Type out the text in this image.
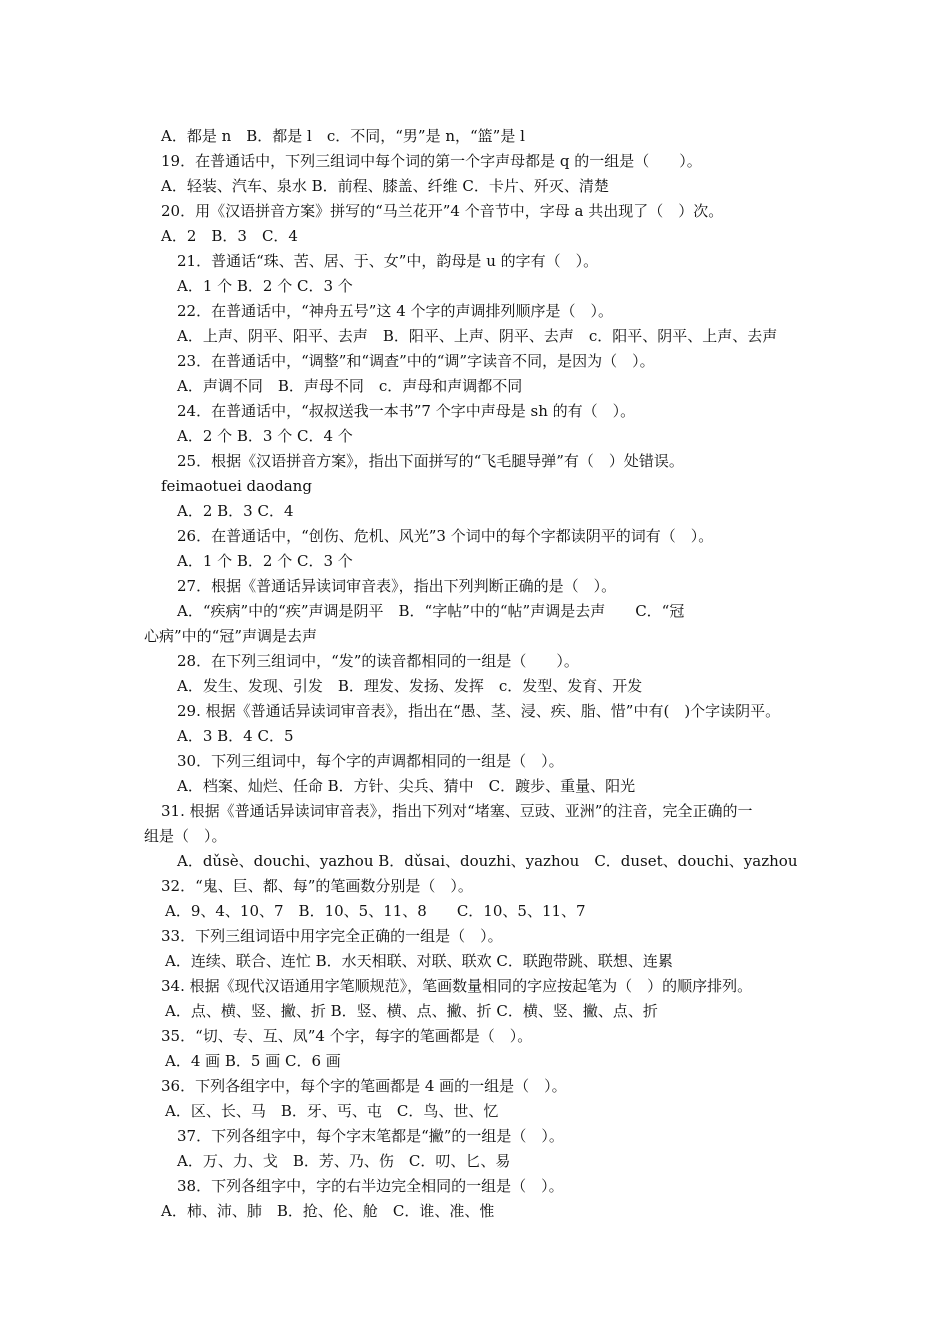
A．都是 n　B．都是 l　c．不同，“男”是 n，“篮”是 l
19．在普通话中，下列三组词中每个词的第一个字声母都是 q 的一组是（　　）。
A．轻装、汽车、泉水 B．前程、膝盖、纤维 C．卡片、歼灭、清楚
20．用《汉语拼音方案》拼写的“马兰花开”4 个音节中，字母 a 共出现了（　）次。
A．2　B．3　C．4
21．普通话“珠、苦、居、于、女”中，韵母是 u 的字有（　）。
A．1 个 B．2 个 C．3 个
22．在普通话中，“神舟五号”这 4 个字的声调排列顺序是（　）。
A．上声、阴平、阳平、去声　B．阳平、上声、阴平、去声　c．阳平、阴平、上声、去声
23．在普通话中，“调整”和“调查”中的“调”字读音不同，是因为（　）。
A．声调不同　B．声母不同　c．声母和声调都不同
24．在普通话中，“叔叔送我一本书”7 个字中声母是 sh 的有（　）。
A．2 个 B．3 个 C．4 个
25．根据《汉语拼音方案》，指出下面拼写的“飞毛腿导弹”有（　）处错误。
feimaotuei daodang
A．2 B．3 C．4
26．在普通话中，“创伤、危机、风光”3 个词中的每个字都读阴平的词有（　）。
A．1 个 B．2 个 C．3 个
27．根据《普通话异读词审音表》，指出下列判断正确的是（　）。
A．“疾病”中的“疾”声调是阴平　B．“字帖”中的“帖”声调是去声　　C．“冠
心病”中的“冠”声调是去声
28．在下列三组词中，“发”的读音都相同的一组是（　　）。
A．发生、发现、引发　B．理发、发扬、发挥　c．发型、发育、开发
29. 根据《普通话异读词审音表》，指出在“愚、茎、浸、疾、脂、惜”中有(　)个字读阴平。
A．3 B．4 C．5
30．下列三组词中，每个字的声调都相同的一组是（　）。
A．档案、灿烂、任命 B．方针、尖兵、猜中　C．踱步、重量、阳光
31. 根据《普通话异读词审音表》，指出下列对“堵塞、豆豉、亚洲”的注音，完全正确的一
组是（　）。
A．dǔsè、douchi、yazhou B．dǔsai、douzhi、yazhou　C．duset、douchi、yazhou
32．“鬼、巨、都、每”的笔画数分别是（　）。
A．9、4、10、7　B．10、5、11、8　　C．10、5、11、7
33．下列三组词语中用字完全正确的一组是（　）。
A．连续、联合、连忙 B．水天相联、对联、联欢 C．联跑带跳、联想、连累
34. 根据《现代汉语通用字笔顺规范》，笔画数量相同的字应按起笔为（　）的顺序排列。
A．点、横、竖、撇、折 B．竖、横、点、撇、折 C．横、竖、撇、点、折
35．“切、专、互、凤”4 个字，每字的笔画都是（　）。
A．4 画 B．5 画 C．6 画
36．下列各组字中，每个字的笔画都是 4 画的一组是（　）。
A．区、长、马　B．牙、丐、屯　C．鸟、世、忆
37．下列各组字中，每个字末笔都是“撇”的一组是（　）。
A．万、力、戈　B．芳、乃、伤　C．叨、匕、易
38．下列各组字中，字的右半边完全相同的一组是（　）。
A．柿、沛、肺　B．抢、伦、舱　C．谁、准、惟
